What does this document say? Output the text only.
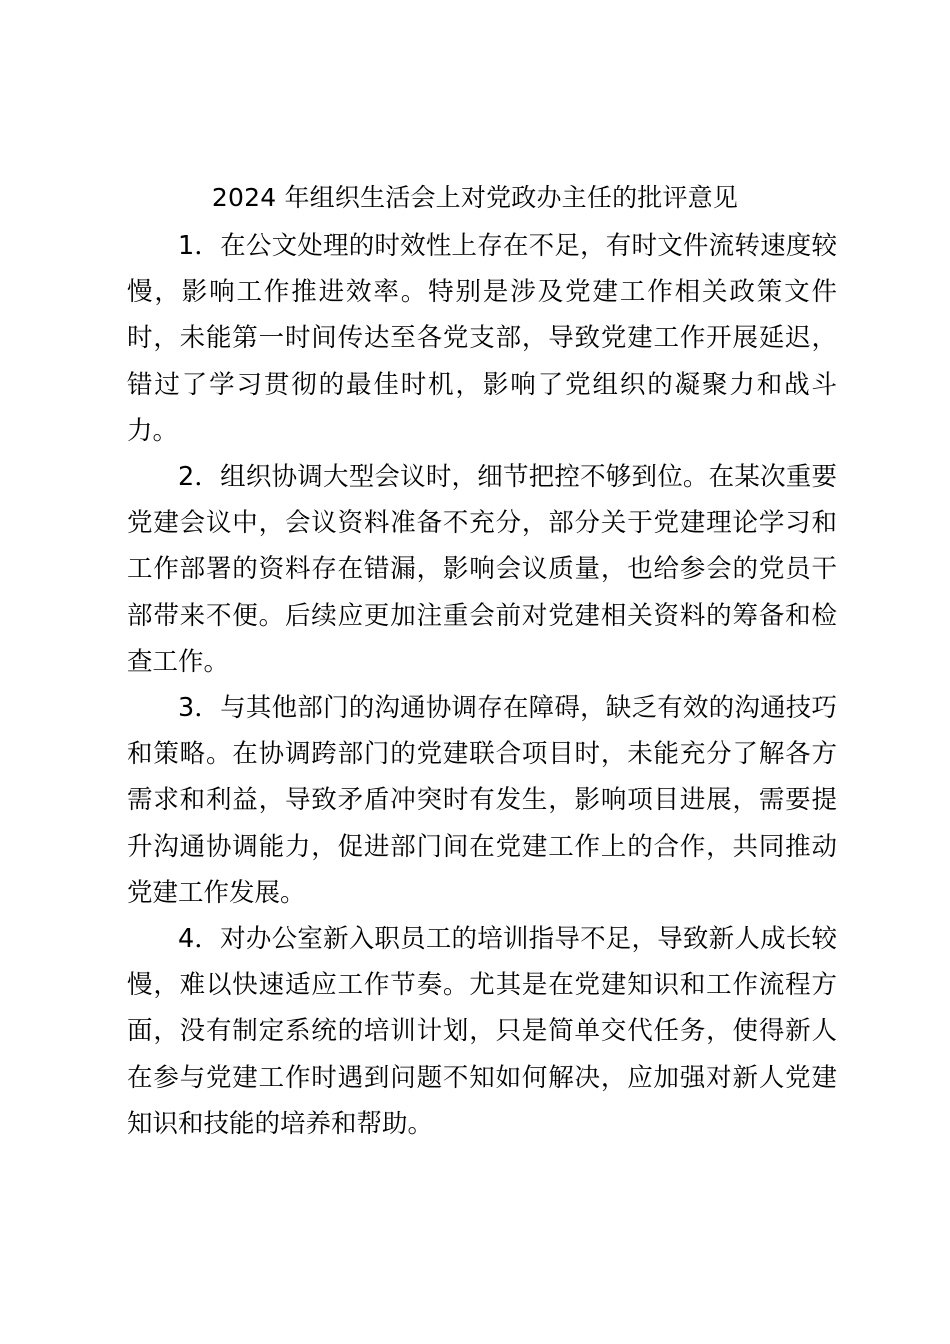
2024 年组织生活会上对党政办主任的批评意见

1．在公文处理的时效性上存在不足，有时文件流转速度较慢，影响工作推进效率。特别是涉及党建工作相关政策文件时，未能第一时间传达至各党支部，导致党建工作开展延迟，错过了学习贯彻的最佳时机，影响了党组织的凝聚力和战斗力。

2．组织协调大型会议时，细节把控不够到位。在某次重要党建会议中，会议资料准备不充分，部分关于党建理论学习和工作部署的资料存在错漏，影响会议质量，也给参会的党员干部带来不便。后续应更加注重会前对党建相关资料的筹备和检查工作。

3．与其他部门的沟通协调存在障碍，缺乏有效的沟通技巧和策略。在协调跨部门的党建联合项目时，未能充分了解各方需求和利益，导致矛盾冲突时有发生，影响项目进展，需要提升沟通协调能力，促进部门间在党建工作上的合作，共同推动党建工作发展。

4．对办公室新入职员工的培训指导不足，导致新人成长较慢，难以快速适应工作节奏。尤其是在党建知识和工作流程方面，没有制定系统的培训计划，只是简单交代任务，使得新人在参与党建工作时遇到问题不知如何解决，应加强对新人党建知识和技能的培养和帮助。
